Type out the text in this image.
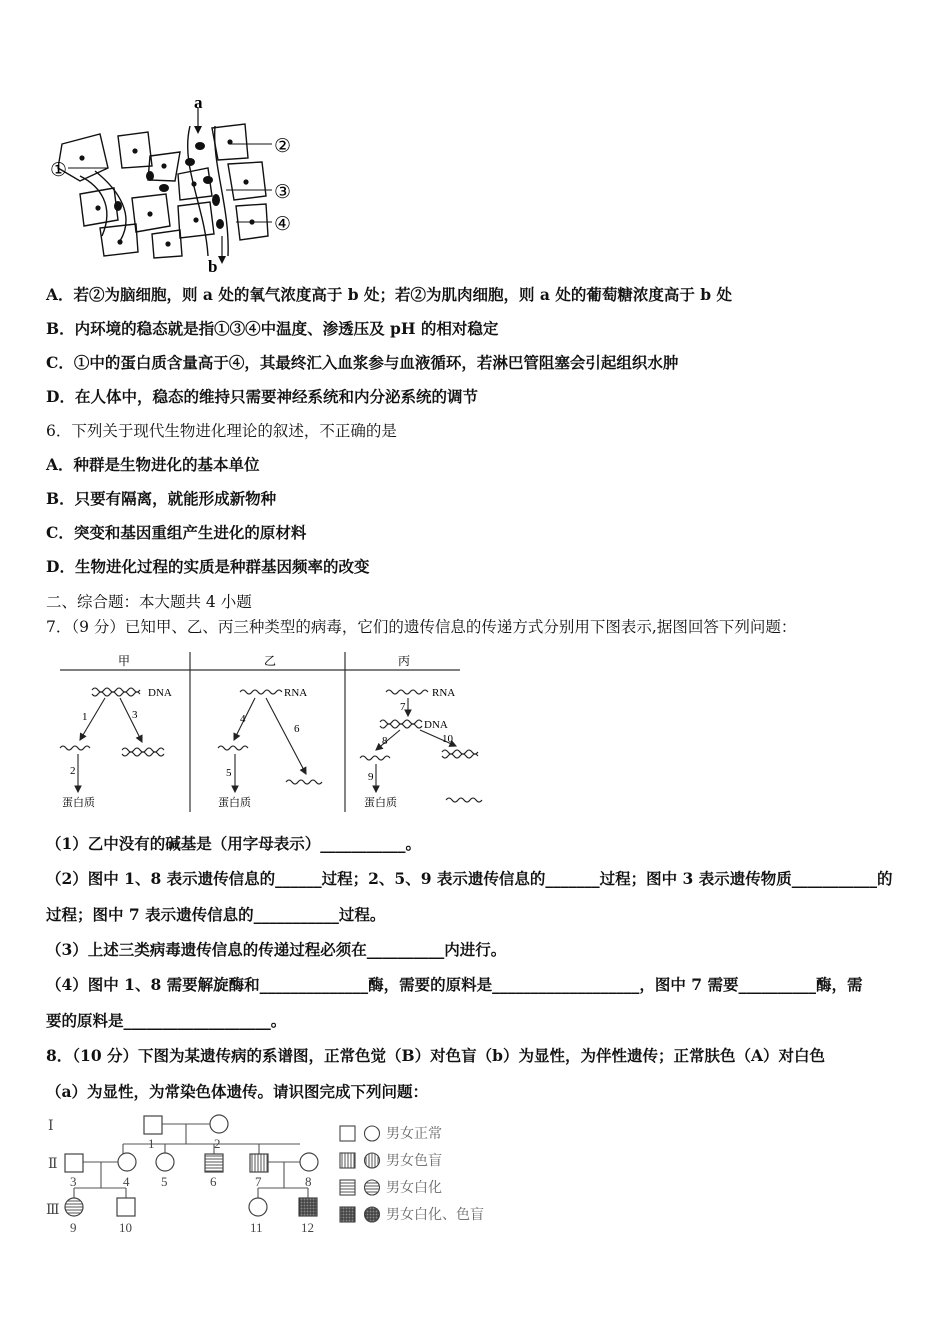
a
b
①
②
③
④
A．若②为脑细胞，则 a 处的氧气浓度高于 b 处；若②为肌肉细胞，则 a 处的葡萄糖浓度高于 b 处
B．内环境的稳态就是指①③④中温度、渗透压及 pH 的相对稳定
C．①中的蛋白质含量高于④，其最终汇入血浆参与血液循环，若淋巴管阻塞会引起组织水肿
D．在人体中，稳态的维持只需要神经系统和内分泌系统的调节
6．下列关于现代生物进化理论的叙述，不正确的是
A．种群是生物进化的基本单位
B．只要有隔离，就能形成新物种
C．突变和基因重组产生进化的原材料
D．生物进化过程的实质是种群基因频率的改变
二、综合题：本大题共 4 小题
7．（9 分）已知甲、乙、丙三种类型的病毒，它们的遗传信息的传递方式分别用下图表示,据图回答下列问题：
甲	乙	丙
DNA	RNA	RNA
DNA
蛋白质	蛋白质	蛋白质
1
2
3	4
5
6
7
8
9
10
（1）乙中没有的碱基是（用字母表示）___________。
（2）图中 1、8 表示遗传信息的______过程；2、5、9 表示遗传信息的_______过程；图中 3 表示遗传物质___________的
过程；图中 7 表示遗传信息的___________过程。
（3）上述三类病毒遗传信息的传递过程必须在__________内进行。
（4）图中 1、8 需要解旋酶和______________酶，需要的原料是___________________，图中 7 需要__________酶，需
要的原料是___________________。
8．（10 分）下图为某遗传病的系谱图，正常色觉（B）对色盲（b）为显性，为伴性遗传；正常肤色（A）对白色
（a）为显性，为常染色体遗传。请识图完成下列问题：
Ⅰ
Ⅱ
Ⅲ
1	2
3	4 5	6	7	8
9	10	11	12
男女正常
男女色盲
男女白化
男女白化、色盲
